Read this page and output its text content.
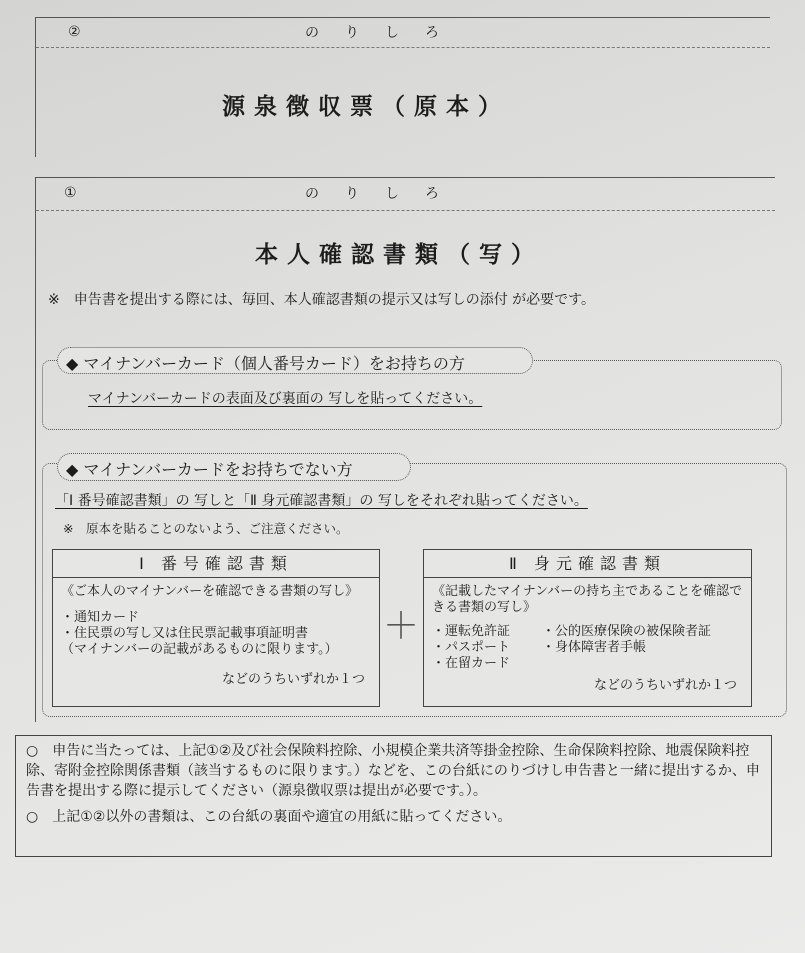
②	の　り　し　ろ
源泉徴収票（原本）
①	の　り　し　ろ
本人確認書類（写）
※　申告書を提出する際には、毎回、本人確認書類の提示又は写しの添付 が必要です。
◆ マイナンバーカード（個人番号カード）をお持ちの方
マイナンバーカードの表面及び裏面の 写しを貼ってください。
◆ マイナンバーカードをお持ちでない方
「Ⅰ 番号確認書類」の 写しと「Ⅱ 身元確認書類」の 写しをそれぞれ貼ってください。
※　原本を貼ることのないよう、ご注意ください。
Ⅰ 番号確認書類
《ご本人のマイナンバーを確認できる書類の写し》
・通知カード
・住民票の写し又は住民票記載事項証明書
（マイナンバーの記載があるものに限ります。）
などのうちいずれか１つ
＋
Ⅱ 身元確認書類
《記載したマイナンバーの持ち主であることを確認できる書類の写し》
・運転免許証
・パスポート
・在留カード
・公的医療保険の被保険者証
・身体障害者手帳
などのうちいずれか１つ
○　申告に当たっては、上記①②及び社会保険料控除、小規模企業共済等掛金控除、生命保険料控除、地震保険料控除、寄附金控除関係書類（該当するものに限ります。）などを、この台紙にのりづけし申告書と一緒に提出するか、申告書を提出する際に提示してください（源泉徴収票は提出が必要です。）。
○　上記①②以外の書類は、この台紙の裏面や適宜の用紙に貼ってください。
